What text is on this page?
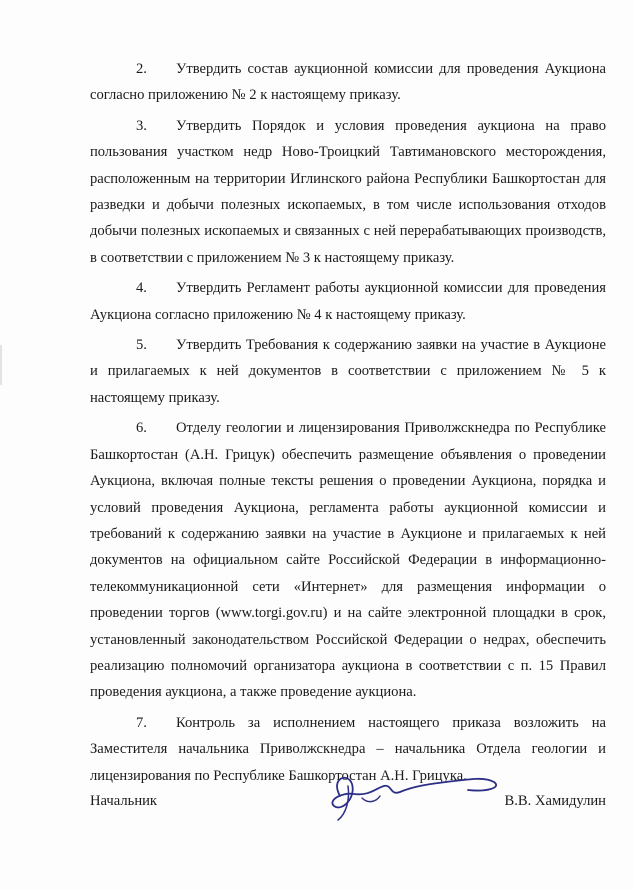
2. Утвердить состав аукционной комиссии для проведения Аукциона согласно приложению № 2 к настоящему приказу.

3. Утвердить Порядок и условия проведения аукциона на право пользования участком недр Ново-Троицкий Тавтимановского месторождения, расположенным на территории Иглинского района Республики Башкортостан для разведки и добычи полезных ископаемых, в том числе использования отходов добычи полезных ископаемых и связанных с ней перерабатывающих производств, в соответствии с приложением № 3 к настоящему приказу.

4. Утвердить Регламент работы аукционной комиссии для проведения Аукциона согласно приложению № 4 к настоящему приказу.

5. Утвердить Требования к содержанию заявки на участие в Аукционе и прилагаемых к ней документов в соответствии с приложением № 5 к настоящему приказу.

6. Отделу геологии и лицензирования Приволжскнедра по Республике Башкортостан (А.Н. Грицук) обеспечить размещение объявления о проведении Аукциона, включая полные тексты решения о проведении Аукциона, порядка и условий проведения Аукциона, регламента работы аукционной комиссии и требований к содержанию заявки на участие в Аукционе и прилагаемых к ней документов на официальном сайте Российской Федерации в информационно-телекоммуникационной сети «Интернет» для размещения информации о проведении торгов (www.torgi.gov.ru) и на сайте электронной площадки в срок, установленный законодательством Российской Федерации о недрах, обеспечить реализацию полномочий организатора аукциона в соответствии с п. 15 Правил проведения аукциона, а также проведение аукциона.

7. Контроль за исполнением настоящего приказа возложить на Заместителя начальника Приволжскнедра – начальника Отдела геологии и лицензирования по Республике Башкортостан А.Н. Грицука.

Начальник	В.В. Хамидулин
